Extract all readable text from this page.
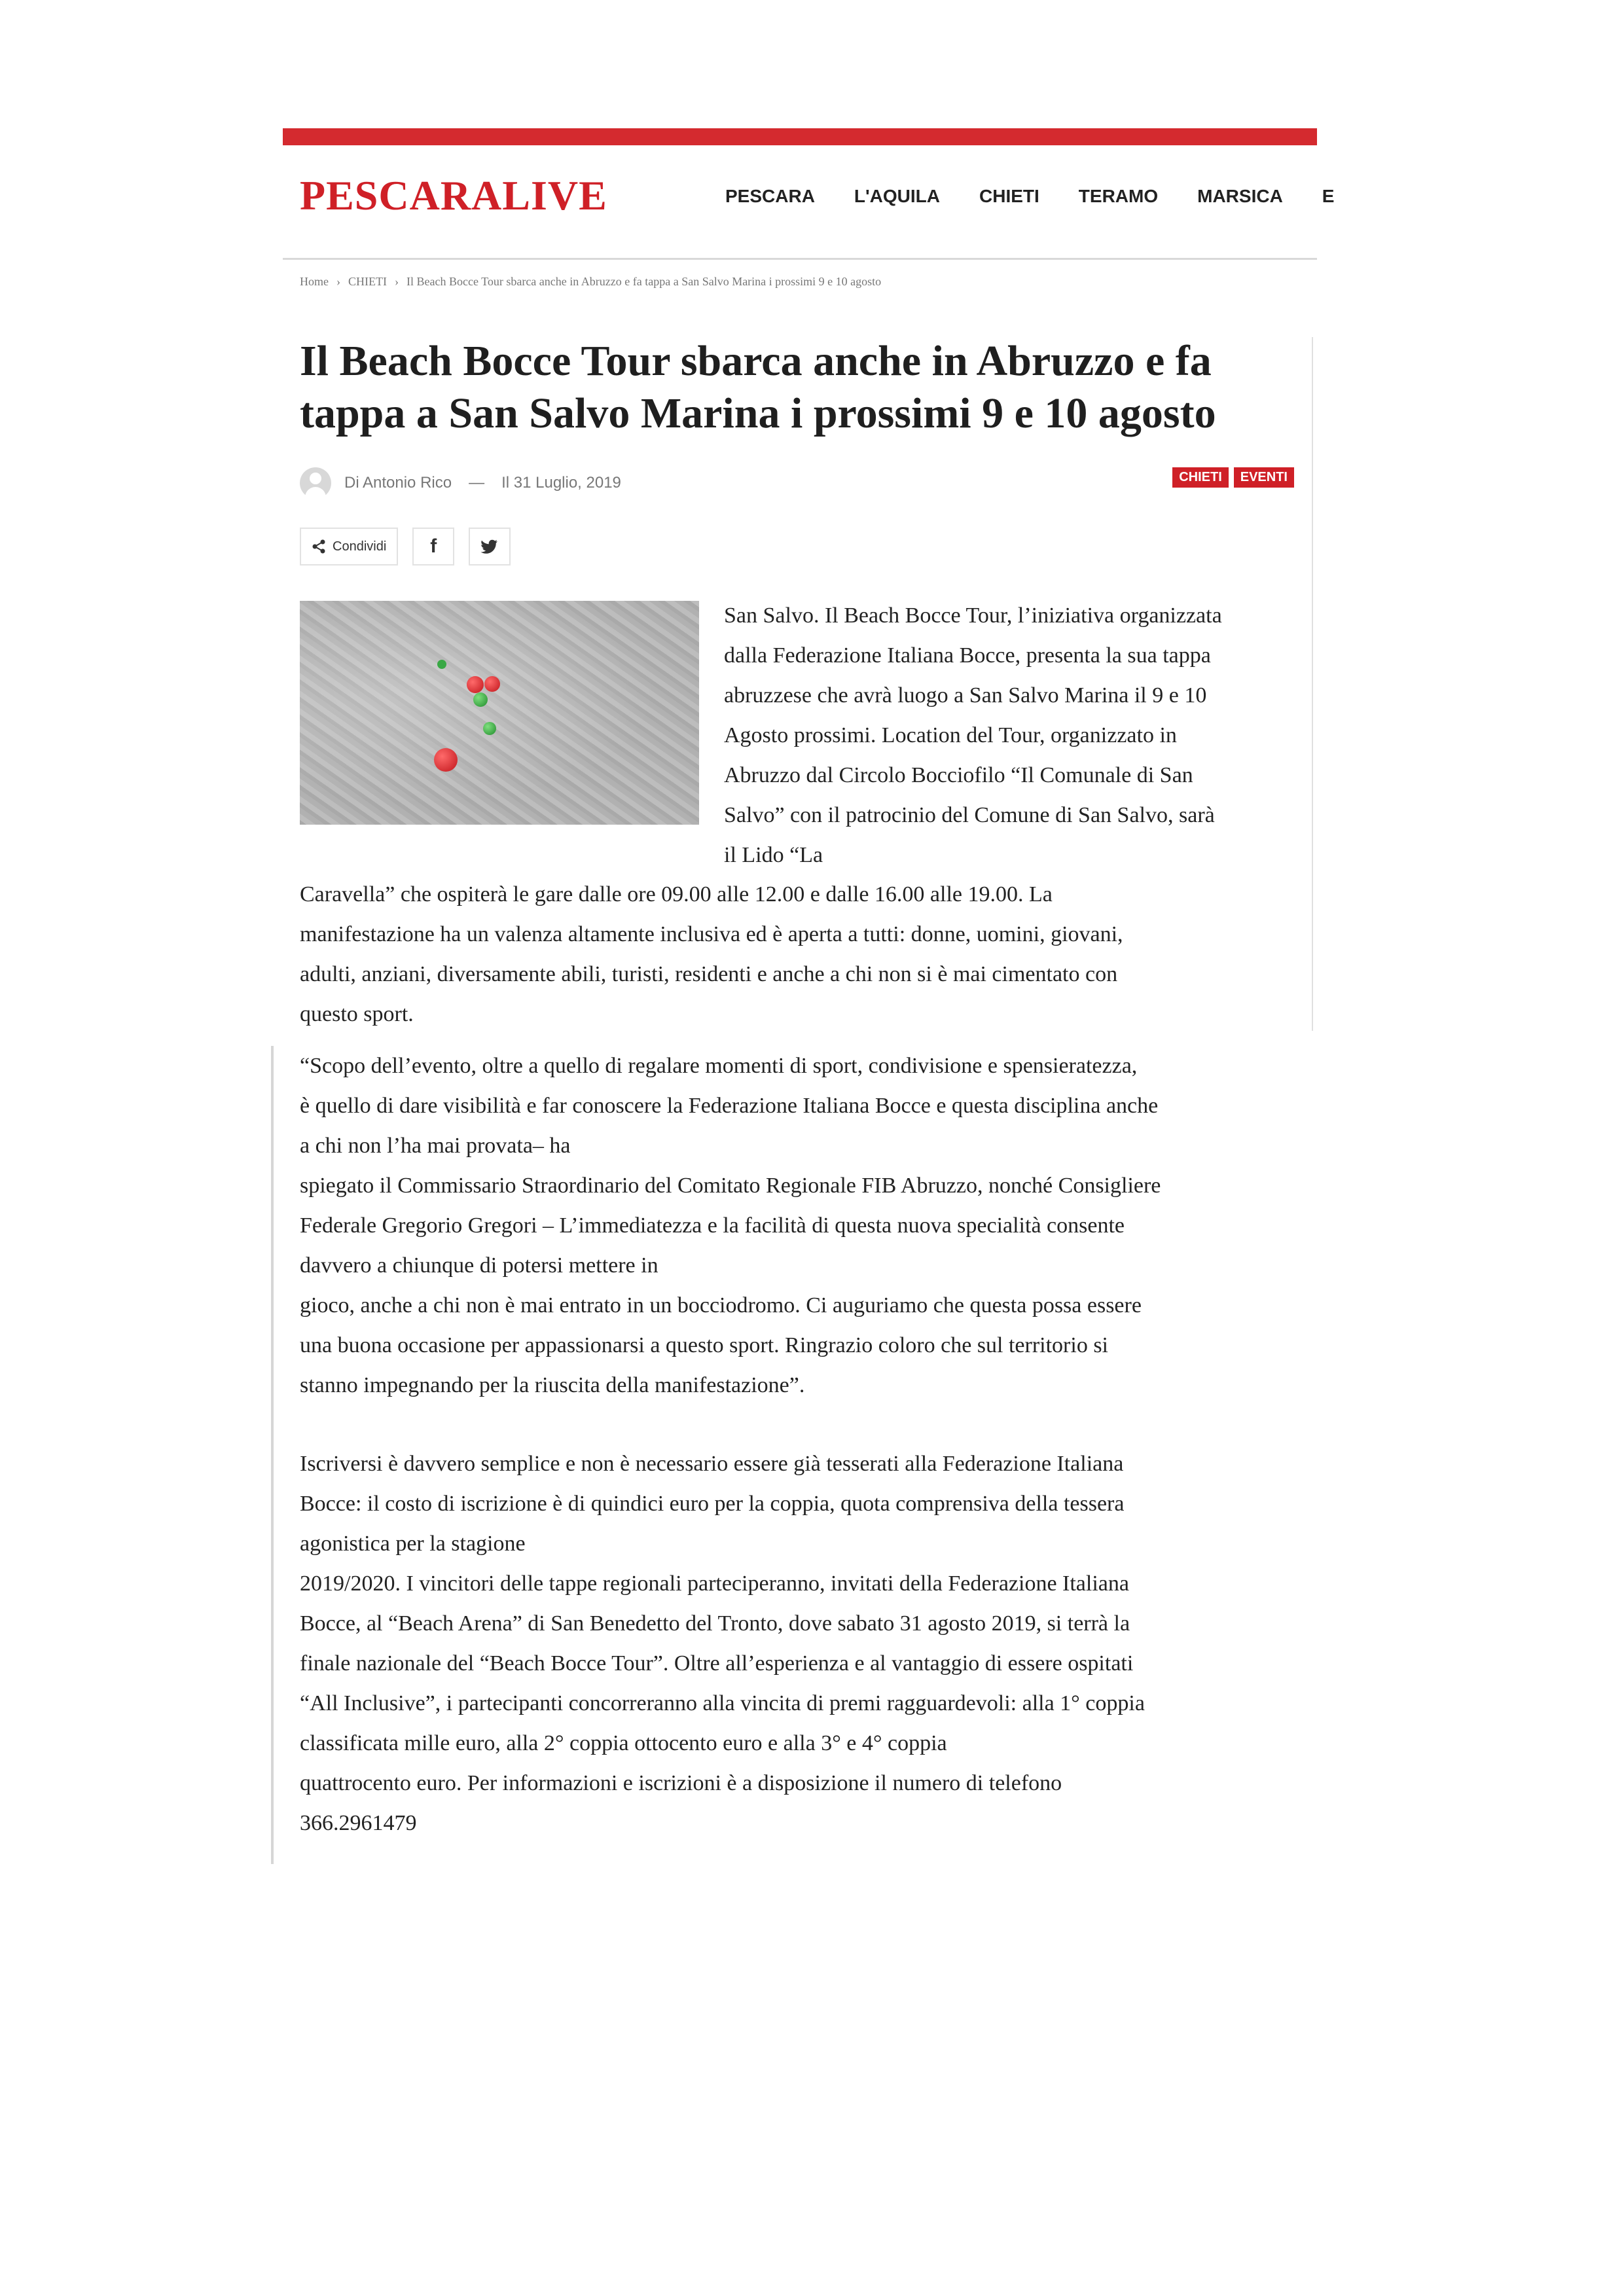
PESCARALIVE	PESCARA L'AQUILA CHIETI TERAMO MARSICA E
Home › CHIETI › Il Beach Bocce Tour sbarca anche in Abruzzo e fa tappa a San Salvo Marina i prossimi 9 e 10 agosto
Il Beach Bocce Tour sbarca anche in Abruzzo e fa tappa a San Salvo Marina i prossimi 9 e 10 agosto
Di Antonio Rico — Il 31 Luglio, 2019	CHIETI	EVENTI
Condividi f
San Salvo. Il Beach Bocce Tour, l’iniziativa organizzata
dalla Federazione Italiana Bocce, presenta la sua tappa
abruzzese che avrà luogo a San Salvo Marina il 9 e 10
Agosto prossimi. Location del Tour, organizzato in
Abruzzo dal Circolo Bocciofilo “Il Comunale di San
Salvo” con il patrocinio del Comune di San Salvo, sarà
il Lido “La
Caravella” che ospiterà le gare dalle ore 09.00 alle 12.00 e dalle 16.00 alle 19.00. La
manifestazione ha un valenza altamente inclusiva ed è aperta a tutti: donne, uomini, giovani,
adulti, anziani, diversamente abili, turisti, residenti e anche a chi non si è mai cimentato con
questo sport.
“Scopo dell’evento, oltre a quello di regalare momenti di sport, condivisione e spensieratezza,
è quello di dare visibilità e far conoscere la Federazione Italiana Bocce e questa disciplina anche
a chi non l’ha mai provata– ha
spiegato il Commissario Straordinario del Comitato Regionale FIB Abruzzo, nonché Consigliere
Federale Gregorio Gregori – L’immediatezza e la facilità di questa nuova specialità consente
davvero a chiunque di potersi mettere in
gioco, anche a chi non è mai entrato in un bocciodromo. Ci auguriamo che questa possa essere
una buona occasione per appassionarsi a questo sport. Ringrazio coloro che sul territorio si
stanno impegnando per la riuscita della manifestazione”.
Iscriversi è davvero semplice e non è necessario essere già tesserati alla Federazione Italiana
Bocce: il costo di iscrizione è di quindici euro per la coppia, quota comprensiva della tessera
agonistica per la stagione
2019/2020. I vincitori delle tappe regionali parteciperanno, invitati della Federazione Italiana
Bocce, al “Beach Arena” di San Benedetto del Tronto, dove sabato 31 agosto 2019, si terrà la
finale nazionale del “Beach Bocce Tour”. Oltre all’esperienza e al vantaggio di essere ospitati
“All Inclusive”, i partecipanti concorreranno alla vincita di premi ragguardevoli: alla 1° coppia
classificata mille euro, alla 2° coppia ottocento euro e alla 3° e 4° coppia
quattrocento euro. Per informazioni e iscrizioni è a disposizione il numero di telefono
366.2961479
